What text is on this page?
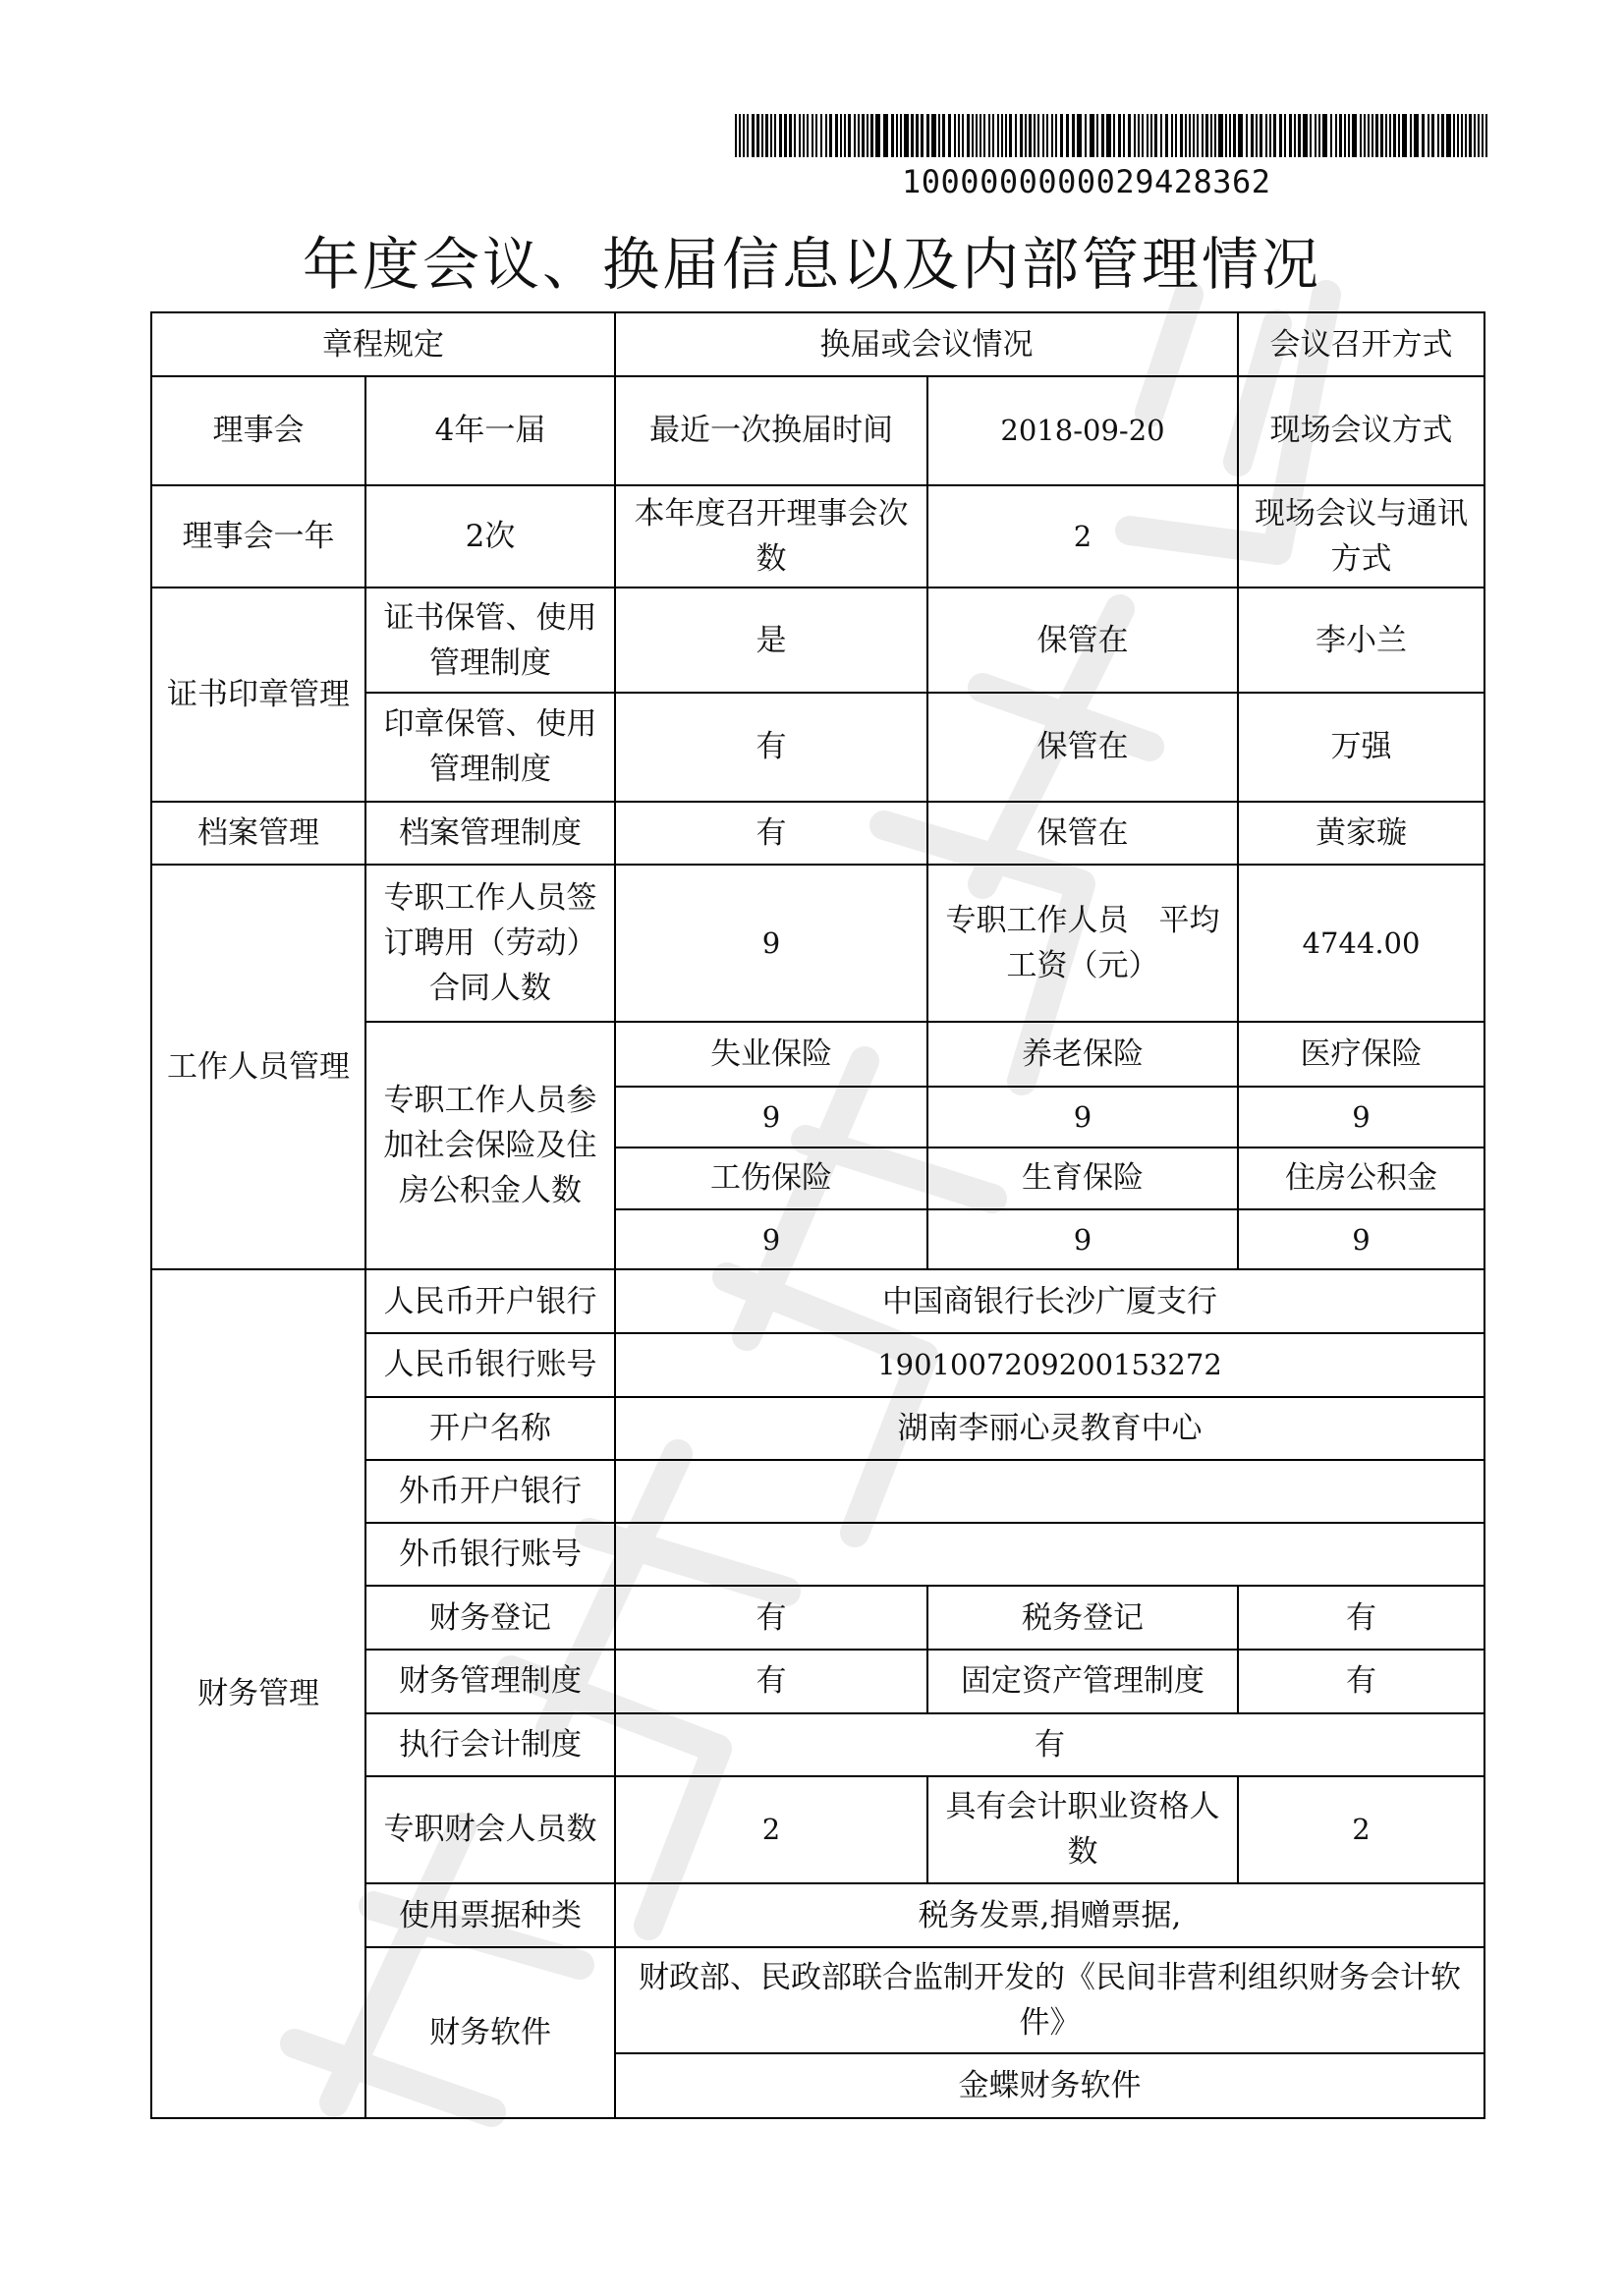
1000000000029428362
年度会议、换届信息以及内部管理情况
章程规定		换届或会议情况		会议召开方式
理事会	4年一届	最近一次换届时间	2018-09-20	现场会议方式
理事会一年	2次	本年度召开理事会次数	2	现场会议与通讯方式
证书印章管理	证书保管、使用管理制度	是	保管在	李小兰
	印章保管、使用管理制度	有	保管在	万强
档案管理	档案管理制度	有	保管在	黄家璇
工作人员管理	专职工作人员签订聘用（劳动）合同人数	9	专职工作人员　平均工资（元）	4744.00
	专职工作人员参加社会保险及住房公积金人数	失业保险	养老保险	医疗保险
		9	9	9
		工伤保险	生育保险	住房公积金
		9	9	9
财务管理	人民币开户银行	中国商银行长沙广厦支行		
	人民币银行账号	1901007209200153272		
	开户名称	湖南李丽心灵教育中心		
	外币开户银行			
	外币银行账号			
	财务登记	有	税务登记	有
	财务管理制度	有	固定资产管理制度	有
	执行会计制度	有		
	专职财会人员数	2	具有会计职业资格人数	2
	使用票据种类	税务发票,捐赠票据,		
	财务软件	财政部、民政部联合监制开发的《民间非营利组织财务会计软件》		
		金蝶财务软件		
